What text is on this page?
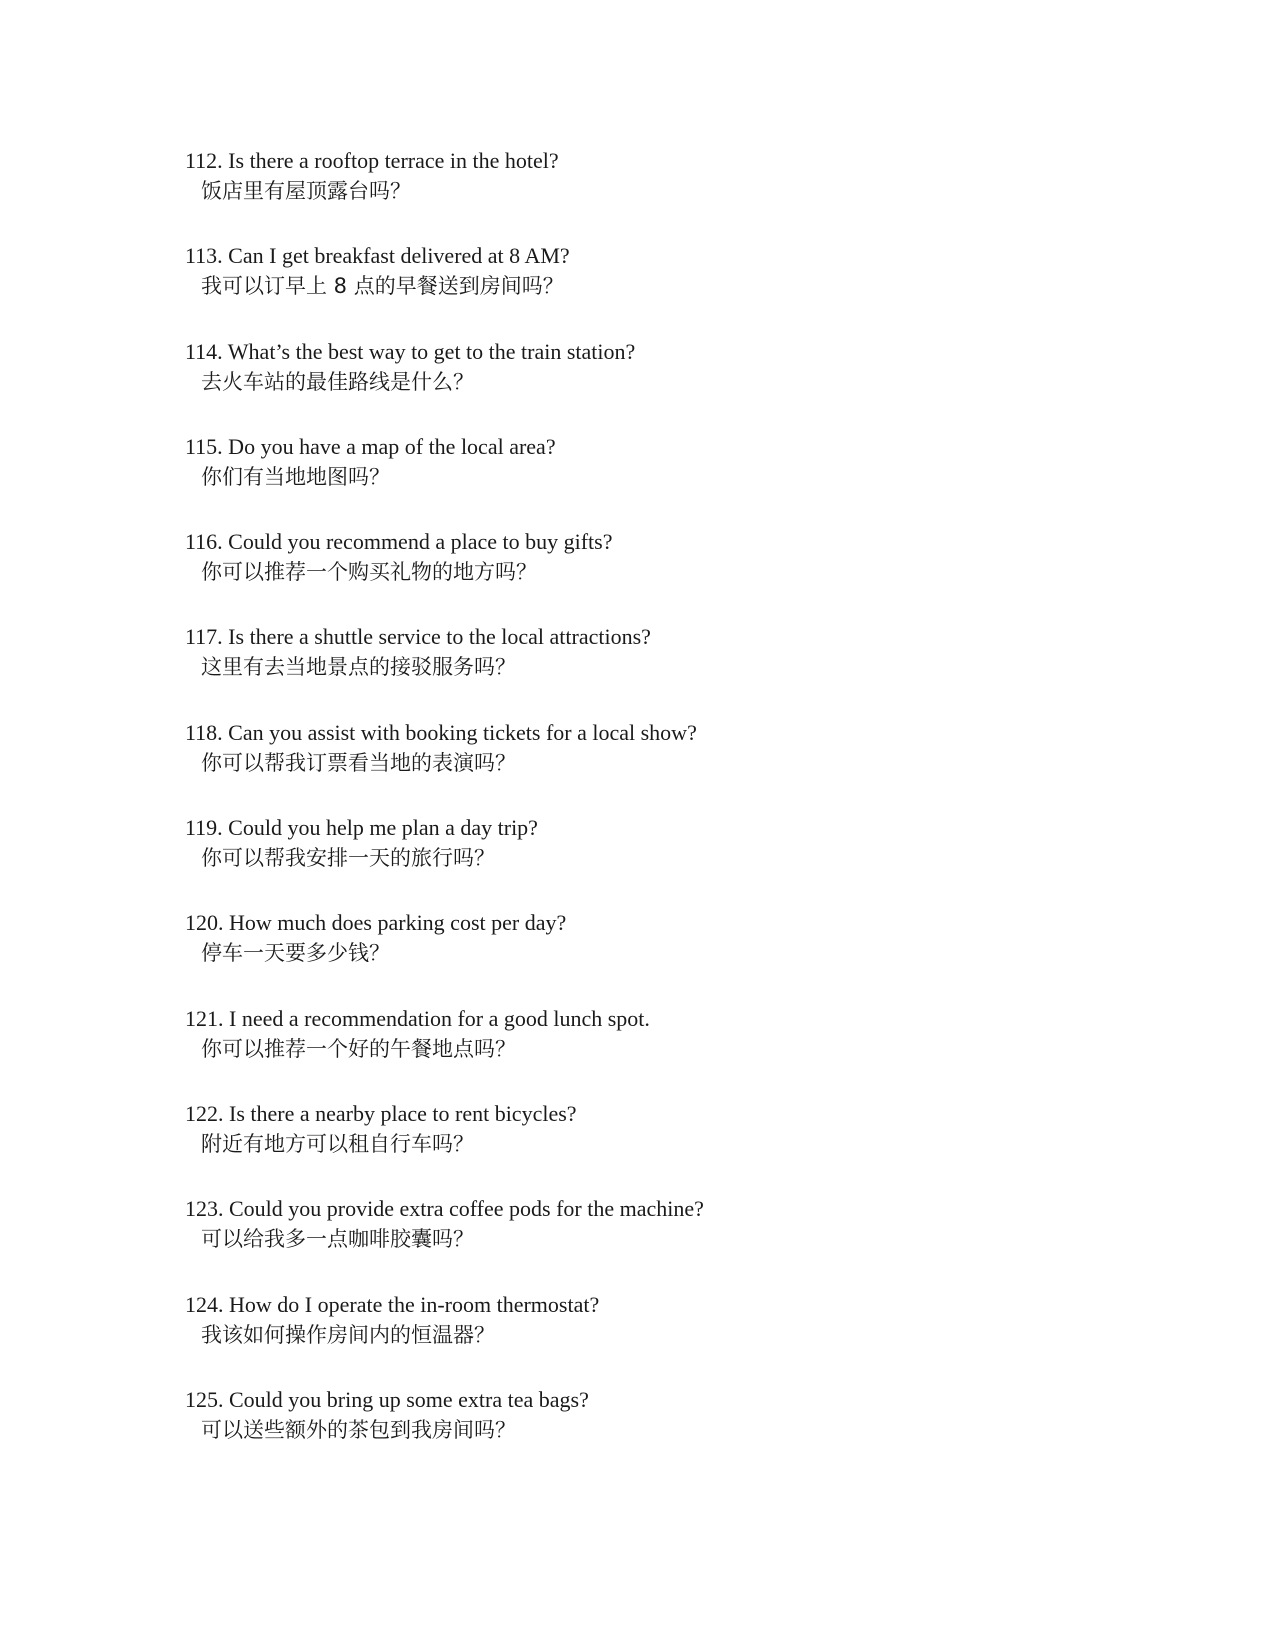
112. Is there a rooftop terrace in the hotel?
饭店里有屋顶露台吗？
113. Can I get breakfast delivered at 8 AM?
我可以订早上 8 点的早餐送到房间吗？
114. What’s the best way to get to the train station?
去火车站的最佳路线是什么？
115. Do you have a map of the local area?
你们有当地地图吗？
116. Could you recommend a place to buy gifts?
你可以推荐一个购买礼物的地方吗？
117. Is there a shuttle service to the local attractions?
这里有去当地景点的接驳服务吗？
118. Can you assist with booking tickets for a local show?
你可以帮我订票看当地的表演吗？
119. Could you help me plan a day trip?
你可以帮我安排一天的旅行吗？
120. How much does parking cost per day?
停车一天要多少钱？
121. I need a recommendation for a good lunch spot.
你可以推荐一个好的午餐地点吗？
122. Is there a nearby place to rent bicycles?
附近有地方可以租自行车吗？
123. Could you provide extra coffee pods for the machine?
可以给我多一点咖啡胶囊吗？
124. How do I operate the in-room thermostat?
我该如何操作房间内的恒温器？
125. Could you bring up some extra tea bags?
可以送些额外的茶包到我房间吗？
